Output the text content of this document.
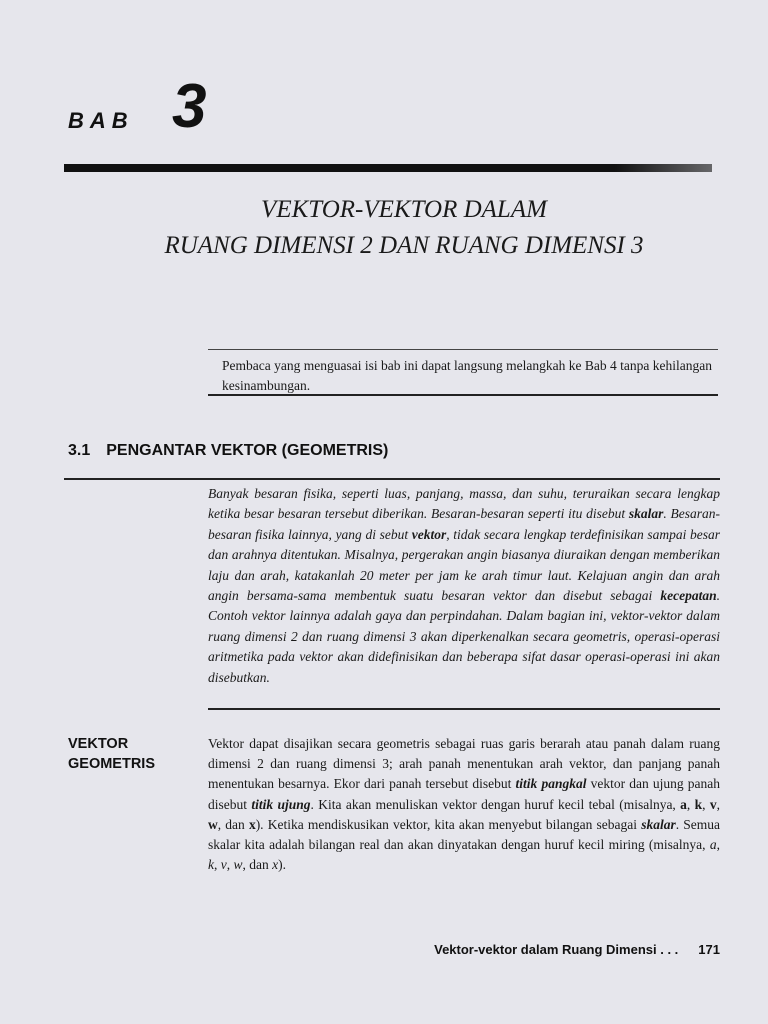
BAB 3
VEKTOR-VEKTOR DALAM
RUANG DIMENSI 2 DAN RUANG DIMENSI 3
Pembaca yang menguasai isi bab ini dapat langsung melangkah ke Bab 4 tanpa kehilangan kesinambungan.
3.1 PENGANTAR VEKTOR (GEOMETRIS)
Banyak besaran fisika, seperti luas, panjang, massa, dan suhu, teruraikan secara lengkap ketika besar besaran tersebut diberikan. Besaran-besaran seperti itu disebut skalar. Besaran-besaran fisika lainnya, yang di sebut vektor, tidak secara lengkap terdefinisikan sampai besar dan arahnya ditentukan. Misalnya, pergerakan angin biasanya diuraikan dengan memberikan laju dan arah, katakanlah 20 meter per jam ke arah timur laut. Kelajuan angin dan arah angin bersama-sama membentuk suatu besaran vektor dan disebut sebagai kecepatan. Contoh vektor lainnya adalah gaya dan perpindahan. Dalam bagian ini, vektor-vektor dalam ruang dimensi 2 dan ruang dimensi 3 akan diperkenalkan secara geometris, operasi-operasi aritmetika pada vektor akan didefinisikan dan beberapa sifat dasar operasi-operasi ini akan disebutkan.
VEKTOR
GEOMETRIS
Vektor dapat disajikan secara geometris sebagai ruas garis berarah atau panah dalam ruang dimensi 2 dan ruang dimensi 3; arah panah menentukan arah vektor, dan panjang panah menentukan besarnya. Ekor dari panah tersebut disebut titik pangkal vektor dan ujung panah disebut titik ujung. Kita akan menuliskan vektor dengan huruf kecil tebal (misalnya, a, k, v, w, dan x). Ketika mendiskusikan vektor, kita akan menyebut bilangan sebagai skalar. Semua skalar kita adalah bilangan real dan akan dinyatakan dengan huruf kecil miring (misalnya, a, k, v, w, dan x).
Vektor-vektor dalam Ruang Dimensi . . . 171
